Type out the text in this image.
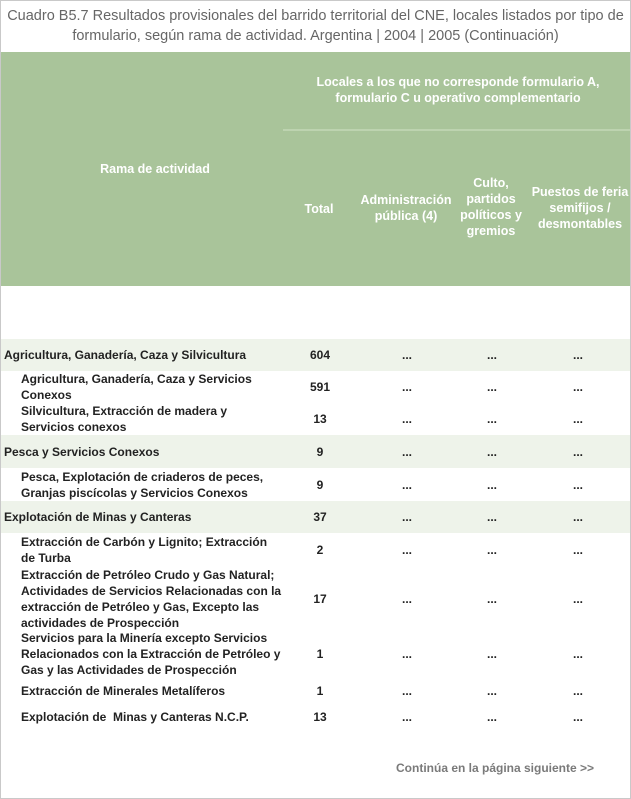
Cuadro B5.7 Resultados provisionales del barrido territorial del CNE, locales listados por tipo de formulario, según rama de actividad. Argentina | 2004 | 2005 (Continuación)
Rama de actividad
Locales a los que no corresponde formulario A, formulario C u operativo complementario
Total
Administración pública (4)
Culto, partidos políticos y gremios
Puestos de feria semifijos / desmontables
Agricultura, Ganadería, Caza y Silvicultura	604	...	...	...
Agricultura, Ganadería, Caza y Servicios Conexos
591	...	...	...
Silvicultura, Extracción de madera y Servicios conexos
13	...	...	...
Pesca y Servicios Conexos	9	...	...	...
Pesca, Explotación de criaderos de peces, Granjas piscícolas y Servicios Conexos
9	...	...	...
Explotación de Minas y Canteras	37	...	...	...
Extracción de Carbón y Lignito; Extracción de Turba
2	...	...	...
Extracción de Petróleo Crudo y Gas Natural; Actividades de Servicios Relacionadas con la extracción de Petróleo y Gas, Excepto las actividades de Prospección
17	...	...	...
Servicios para la Minería excepto Servicios Relacionados con la Extracción de Petróleo y Gas y las Actividades de Prospección
1	...	...	...
Extracción de Minerales Metalíferos	1	...	...	...
Explotación de  Minas y Canteras N.C.P.	13	...	...	...
Continúa en la página siguiente >>
